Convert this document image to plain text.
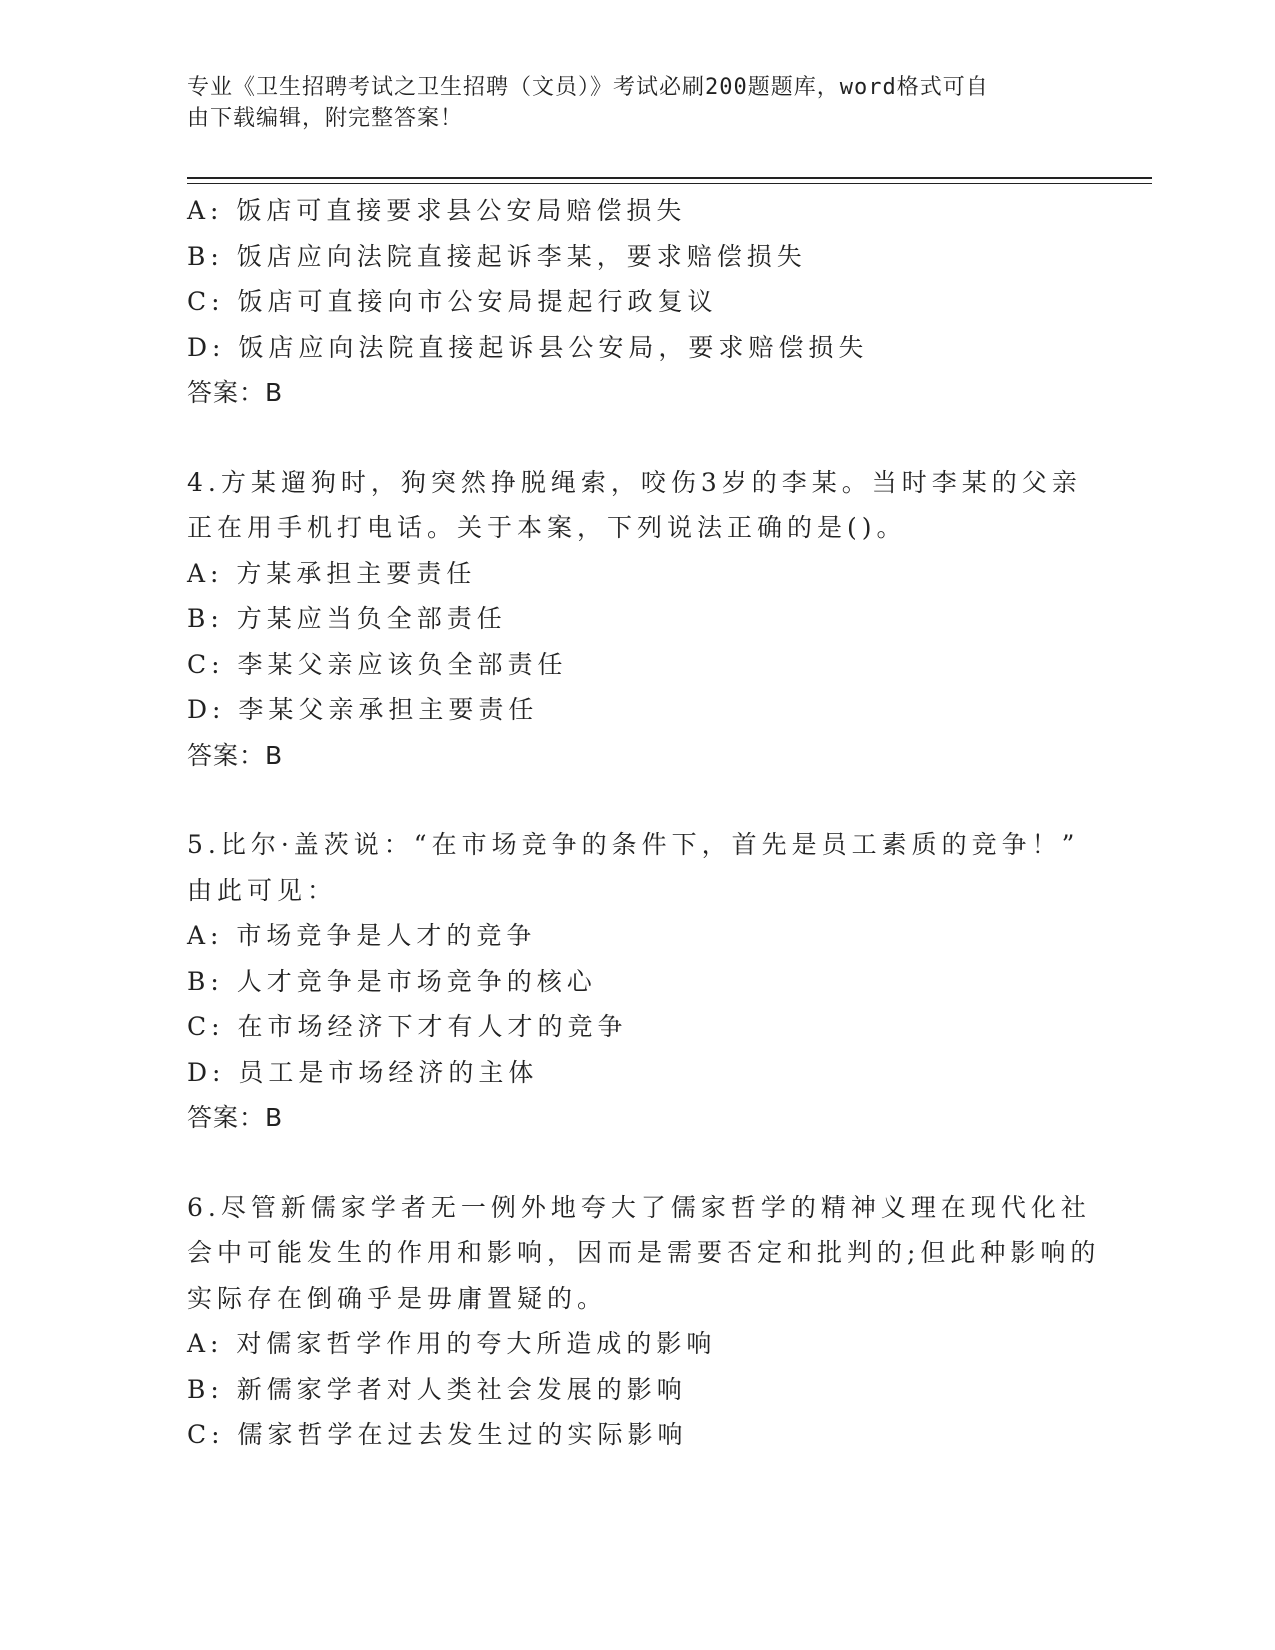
专业《卫生招聘考试之卫生招聘（文员）》考试必刷200题题库，word格式可自
由下载编辑，附完整答案！
A: 饭店可直接要求县公安局赔偿损失
B: 饭店应向法院直接起诉李某，要求赔偿损失
C: 饭店可直接向市公安局提起行政复议
D: 饭店应向法院直接起诉县公安局，要求赔偿损失
答案：B
4.方某遛狗时，狗突然挣脱绳索，咬伤3岁的李某。当时李某的父亲
正在用手机打电话。关于本案，下列说法正确的是()。
A: 方某承担主要责任
B: 方某应当负全部责任
C: 李某父亲应该负全部责任
D: 李某父亲承担主要责任
答案：B
5.比尔·盖茨说：“在市场竞争的条件下，首先是员工素质的竞争！”
由此可见：
A: 市场竞争是人才的竞争
B: 人才竞争是市场竞争的核心
C: 在市场经济下才有人才的竞争
D: 员工是市场经济的主体
答案：B
6.尽管新儒家学者无一例外地夸大了儒家哲学的精神义理在现代化社
会中可能发生的作用和影响，因而是需要否定和批判的;但此种影响的
实际存在倒确乎是毋庸置疑的。
A: 对儒家哲学作用的夸大所造成的影响
B: 新儒家学者对人类社会发展的影响
C: 儒家哲学在过去发生过的实际影响
